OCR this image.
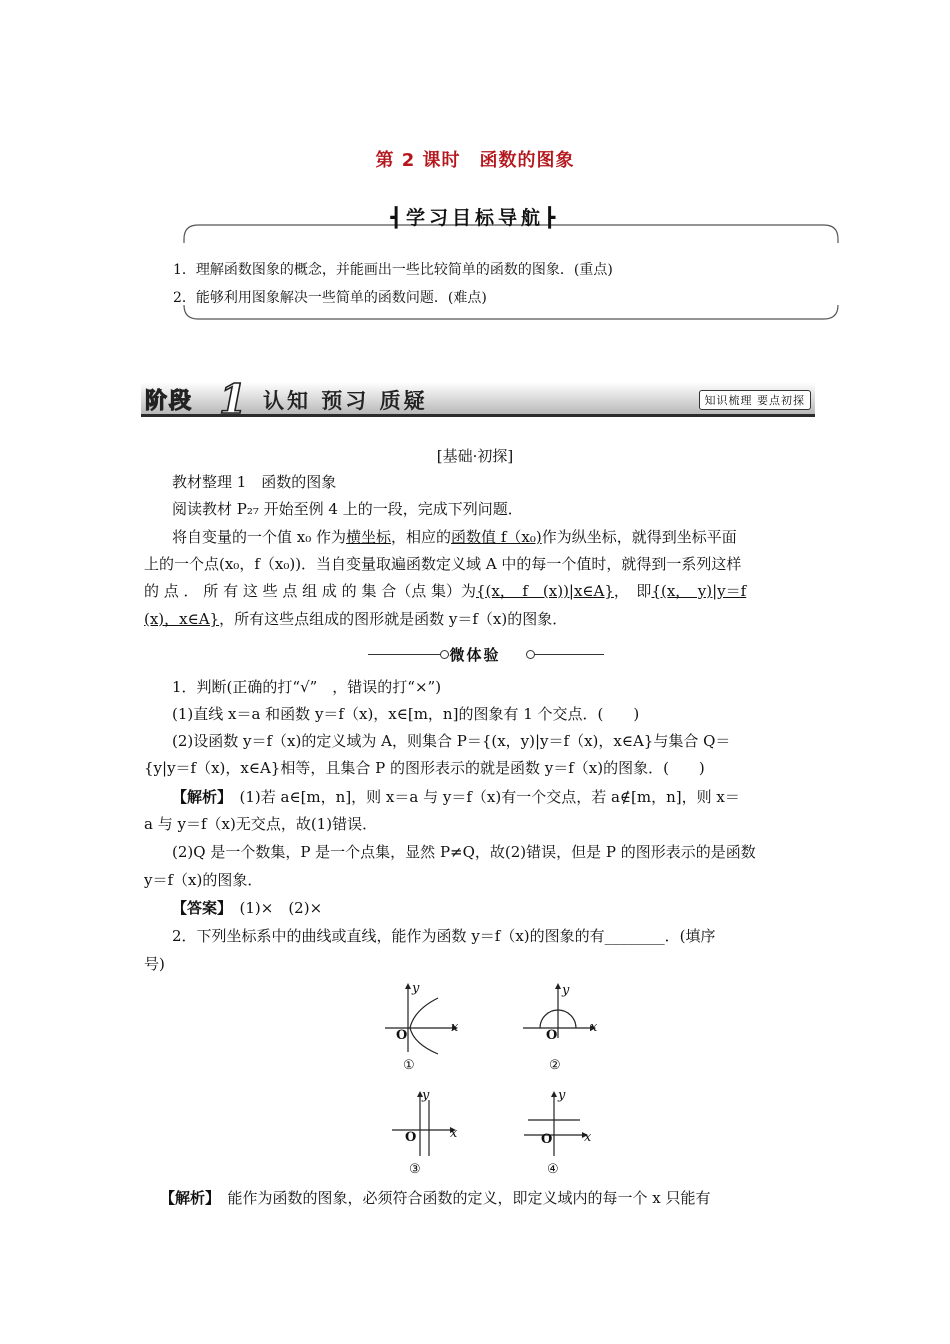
第 2 课时　函数的图象
┫学习目标导航┣
1．理解函数图象的概念，并能画出一些比较简单的函数的图象．(重点)
2．能够利用图象解决一些简单的函数问题．(难点)
阶段 1 认知 预习 质疑	知识梳理 要点初探
[基础·初探]
教材整理 1　函数的图象
阅读教材 P₂₇ 开始至例 4 上的一段，完成下列问题．
将自变量的一个值 x₀ 作为横坐标，相应的函数值 f（x₀)作为纵坐标，就得到坐标平面
上的一个点(x₀，f（x₀))．当自变量取遍函数定义域 A 中的每一个值时，就得到一系列这样
的 点 ． 所 有 这 些 点 组 成 的 集 合（点 集）为{(x，　f　(x))|x∈A}，　即{(x，　y)|y＝f
(x)，x∈A}，所有这些点组成的图形就是函数 y＝f（x)的图象．
微体验
1．判断(正确的打“√”　，错误的打“×”)
(1)直线 x＝a 和函数 y＝f（x)，x∈[m，n]的图象有 1 个交点．(　　)
(2)设函数 y＝f（x)的定义域为 A，则集合 P＝{(x，y)|y＝f（x)，x∈A}与集合 Q＝
{y|y＝f（x)，x∈A}相等，且集合 P 的图形表示的就是函数 y＝f（x)的图象．(　　)
【解析】　(1)若 a∈[m，n]，则 x＝a 与 y＝f（x)有一个交点，若 a∉[m，n]，则 x＝
a 与 y＝f（x)无交点，故(1)错误．
(2)Q 是一个数集，P 是一个点集，显然 P≠Q，故(2)错误，但是 P 的图形表示的是函数
y＝f（x)的图象．
【答案】　(1)×　(2)×
2．下列坐标系中的曲线或直线，能作为函数 y＝f（x)的图象的有________．(填序
号)
y
x
O
①
y
x
O
②
y
x
O
③
y
x
O
④
【解析】　能作为函数的图象，必须符合函数的定义，即定义域内的每一个 x 只能有
